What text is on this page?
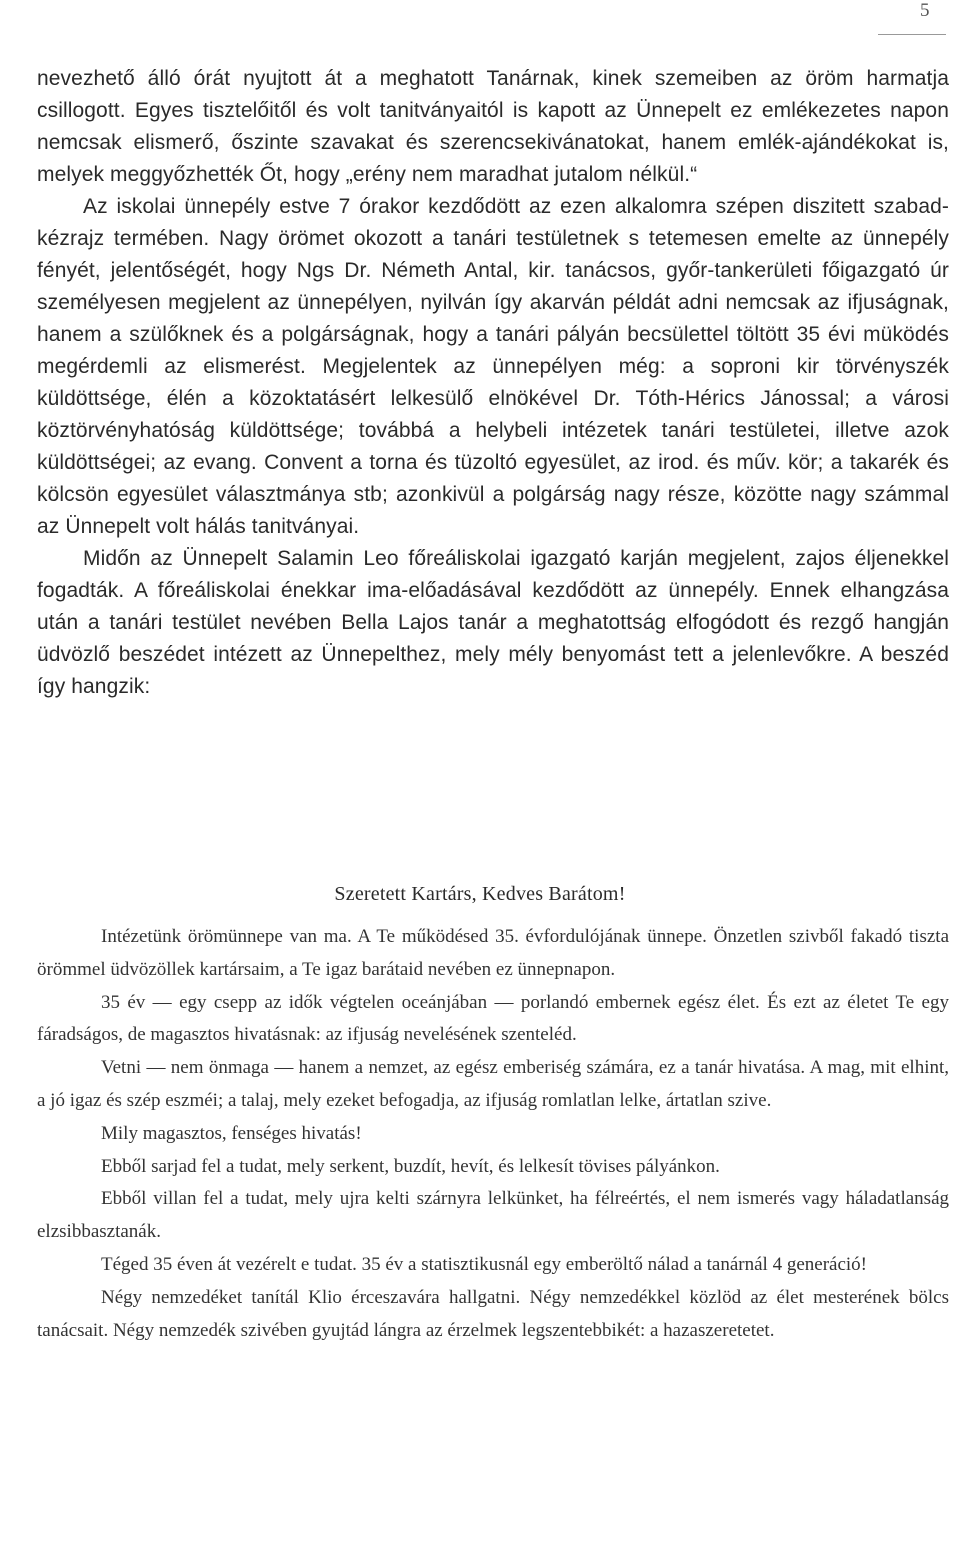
5

nevezhető álló órát nyujtott át a meghatott Tanárnak, kinek szemeiben az öröm harmatja csillogott. Egyes tisztelőitől és volt tanitványaitól is kapott az Ünnepelt ez emlékezetes napon nemcsak elismerő, őszinte szavakat és szerencsekivánatokat, hanem emlék-ajándékokat is, melyek meggyőzhették Őt, hogy „erény nem maradhat jutalom nélkül.“

Az iskolai ünnepély estve 7 órakor kezdődött az ezen alkalomra szépen diszitett szabad- kézrajz termében. Nagy örömet okozott a tanári testületnek s tetemesen emelte az ünnepély fényét, jelentőségét, hogy Ngs Dr. Németh Antal, kir. tanácsos, győr-tankerületi főigazgató úr személyesen megjelent az ünnepélyen, nyilván így akarván példát adni nemcsak az ifjuságnak, hanem a szülőknek és a polgárságnak, hogy a tanári pályán becsülettel töltött 35 évi müködés megérdemli az elismerést. Megjelentek az ünnepélyen még: a soproni kir törvényszék küldöttsége, élén a közoktatásért lelkesülő elnökével Dr. Tóth-Hérics Jánossal; a városi köztörvényhatóság küldöttsége; továbbá a helybeli intézetek tanári testületei, illetve azok küldöttségei; az evang. Convent a torna és tüzoltó egyesület, az irod. és műv. kör; a takarék és kölcsön egyesület választmánya stb; azonkivül a polgárság nagy része, közötte nagy számmal az Ünnepelt volt hálás tanitványai.

Midőn az Ünnepelt Salamin Leo főreáliskolai igazgató karján megjelent, zajos éljenekkel fogadták. A főreáliskolai énekkar ima-előadásával kezdődött az ünnepély. Ennek elhangzása után a tanári testület nevében Bella Lajos tanár a meghatottság elfogódott és rezgő hangján üdvözlő beszédet intézett az Ünnepelthez, mely mély benyomást tett a jelenlevőkre. A beszéd így hangzik:

Szeretett Kartárs, Kedves Barátom!

Intézetünk örömünnepe van ma. A Te működésed 35. évfordulójának ünnepe. Önzetlen szivből fakadó tiszta örömmel üdvözöllek kartársaim, a Te igaz barátaid nevében ez ünnepnapon.

35 év — egy csepp az idők végtelen oceánjában — porlandó embernek egész élet. És ezt az életet Te egy fáradságos, de magasztos hivatásnak: az ifjuság nevelésének szenteléd.

Vetni — nem önmaga — hanem a nemzet, az egész emberiség számára, ez a tanár hivatása. A mag, mit elhint, a jó igaz és szép eszméi; a talaj, mely ezeket befogadja, az ifjuság romlatlan lelke, ártatlan szive.

Mily magasztos, fenséges hivatás!

Ebből sarjad fel a tudat, mely serkent, buzdít, hevít, és lelkesít tövises pályánkon.

Ebből villan fel a tudat, mely ujra kelti szárnyra lelkünket, ha félreértés, el nem ismerés vagy háladatlanság elzsibbasztanák.

Téged 35 éven át vezérelt e tudat. 35 év a statisztikusnál egy emberöltő nálad a tanárnál 4 generáció!

Négy nemzedéket tanítál Klio érceszavára hallgatni. Négy nemzedékkel közlöd az élet mesterének bölcs tanácsait. Négy nemzedék szivében gyujtád lángra az érzelmek legszentebbikét: a hazaszeretetet.
